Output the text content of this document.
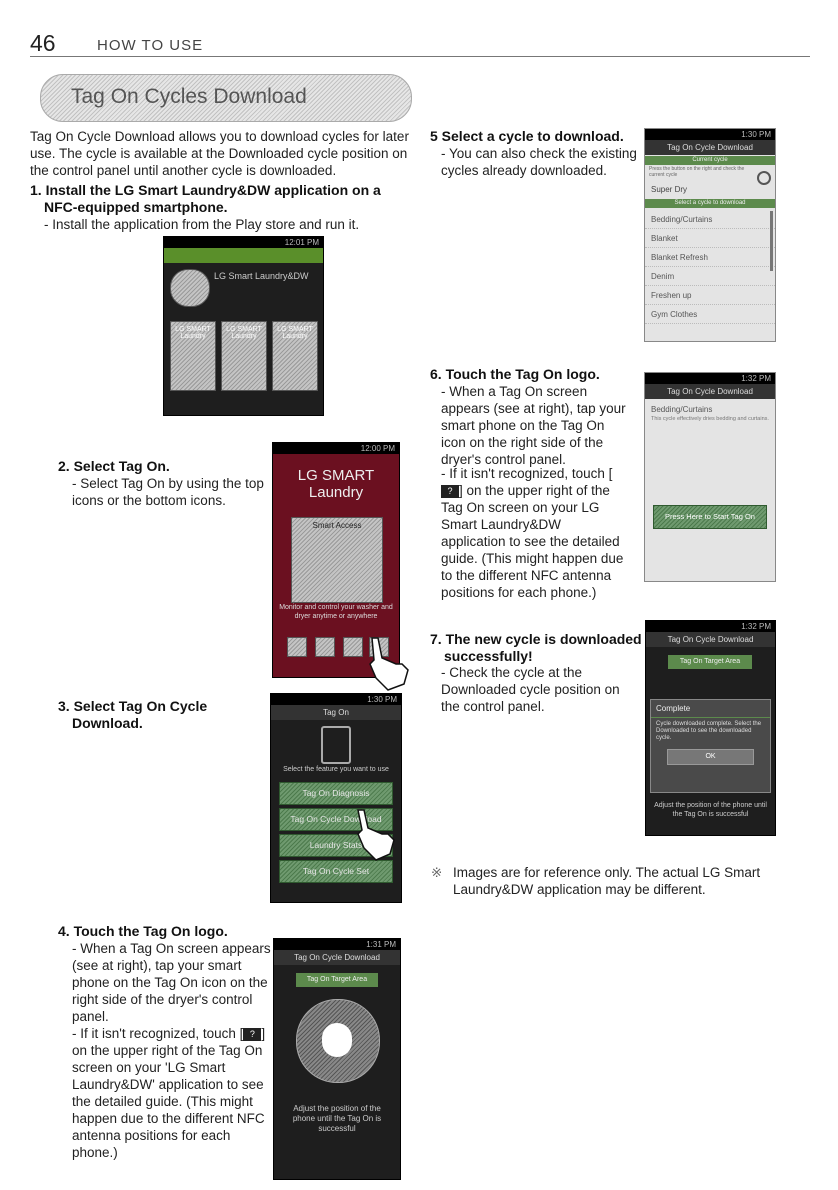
46	HOW TO USE
Tag On Cycles Download
Tag On Cycle Download allows you to download cycles for later use. The cycle is available at the Downloaded cycle position on the control panel until another cycle is downloaded.
1. Install the LG Smart Laundry&DW application on a
NFC-equipped smartphone.
- Install the application from the Play store and run it.
12:01 PM
LG Smart Laundry&DW
LG SMART Laundry
LG SMART Laundry
LG SMART Laundry
2. Select Tag On.
- Select Tag On by using the top icons or the bottom icons.
12:00 PM
LG SMART
Laundry
Smart Access
Monitor and control your washer and dryer anytime or anywhere
3. Select Tag On Cycle
Download.
1:30 PM
Tag On
Select the feature you want to use
Tag On Diagnosis
Tag On Cycle Download
Laundry Stats
Tag On Cycle Set
4. Touch the Tag On logo.
- When a Tag On screen appears (see at right), tap your smart phone on the Tag On icon on the right side of the dryer's control panel.
- If it isn't recognized, touch [ ? ] on the upper right of the Tag On screen on your 'LG Smart Laundry&DW' application to see the detailed guide. (This might happen due to the different NFC antenna positions for each phone.)
1:31 PM
Tag On Cycle Download
Tag On Target Area
Adjust the position of the phone until the Tag On is successful
5 Select a cycle to download.
- You can also check the existing cycles already downloaded.
1:30 PM
Tag On Cycle Download
Current cycle
Press the button on the right and check the current cycle
Super Dry
Select a cycle to download
Bedding/Curtains
Blanket
Blanket Refresh
Denim
Freshen up
Gym Clothes
6. Touch the Tag On logo.
- When a Tag On screen appears (see at right), tap your smart phone on the Tag On icon on the right side of the dryer's control panel.
- If it isn't recognized, touch [? ] on the upper right of the Tag On screen on your LG Smart Laundry&DW application to see the detailed guide. (This might happen due to the different NFC antenna positions for each phone.)
1:32 PM
Tag On Cycle Download
Bedding/Curtains
This cycle effectively dries bedding and curtains.
Press Here to Start Tag On
7. The new cycle is downloaded
successfully!
- Check the cycle at the Downloaded cycle position on the control panel.
1:32 PM
Tag On Cycle Download
Tag On Target Area
Complete
Cycle downloaded complete. Select the Downloaded to see the downloaded cycle.
OK
Adjust the position of the phone until the Tag On is successful
※ Images are for reference only. The actual LG Smart Laundry&DW application may be different.
